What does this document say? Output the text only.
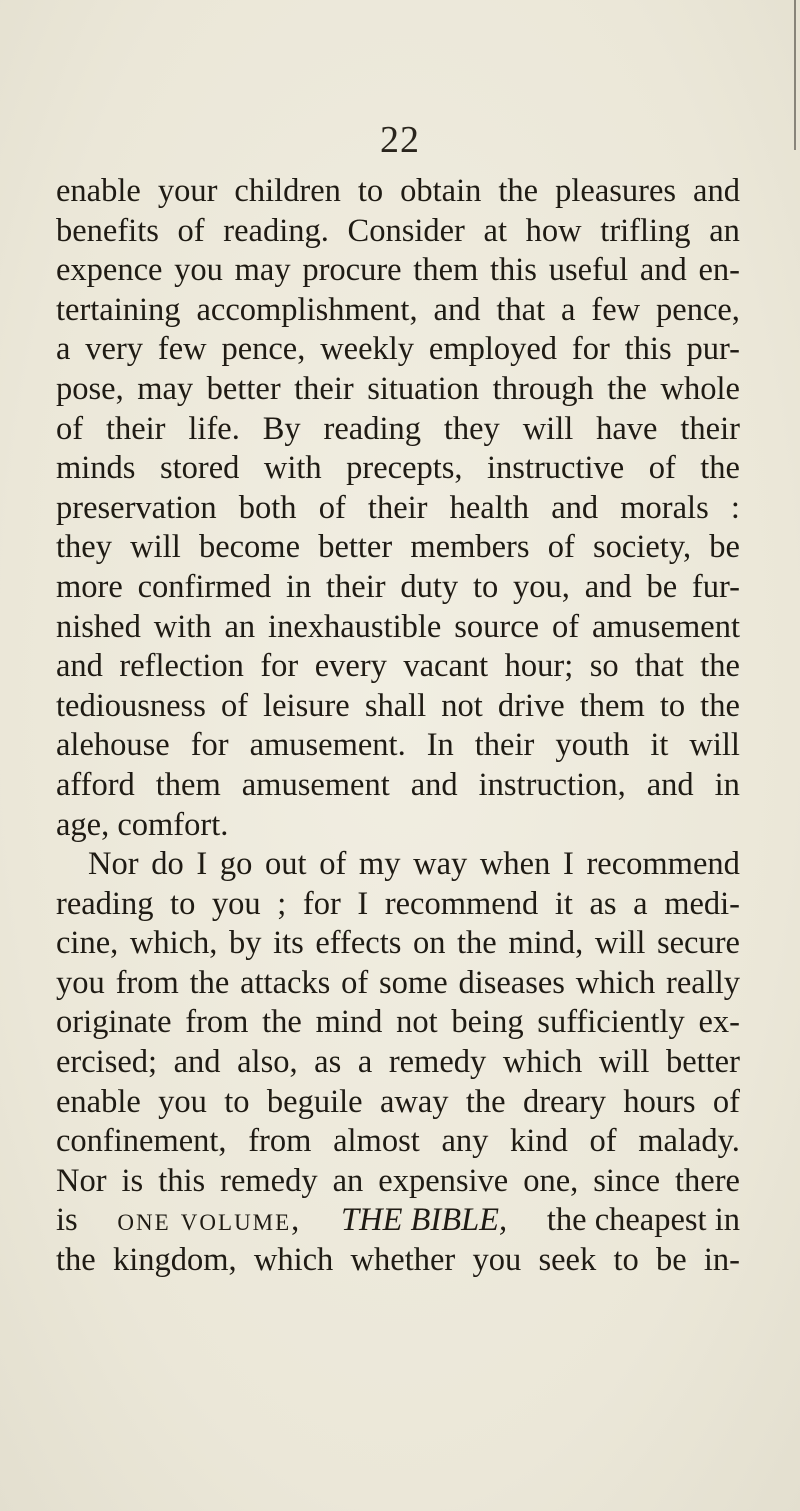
22
enable your children to obtain the pleasures and
benefits of reading. Consider at how trifling an
expence you may procure them this useful and en-
tertaining accomplishment, and that a few pence,
a very few pence, weekly employed for this pur-
pose, may better their situation through the whole
of their life. By reading they will have their
minds stored with precepts, instructive of the
preservation both of their health and morals :
they will become better members of society, be
more confirmed in their duty to you, and be fur-
nished with an inexhaustible source of amusement
and reflection for every vacant hour; so that the
tediousness of leisure shall not drive them to the
alehouse for amusement. In their youth it will
afford them amusement and instruction, and in
age, comfort.
Nor do I go out of my way when I recommend
reading to you ; for I recommend it as a medi-
cine, which, by its effects on the mind, will secure
you from the attacks of some diseases which really
originate from the mind not being sufficiently ex-
ercised; and also, as a remedy which will better
enable you to beguile away the dreary hours of
confinement, from almost any kind of malady.
Nor is this remedy an expensive one, since there
is one volume, THE BIBLE, the cheapest in
the kingdom, which whether you seek to be in-
